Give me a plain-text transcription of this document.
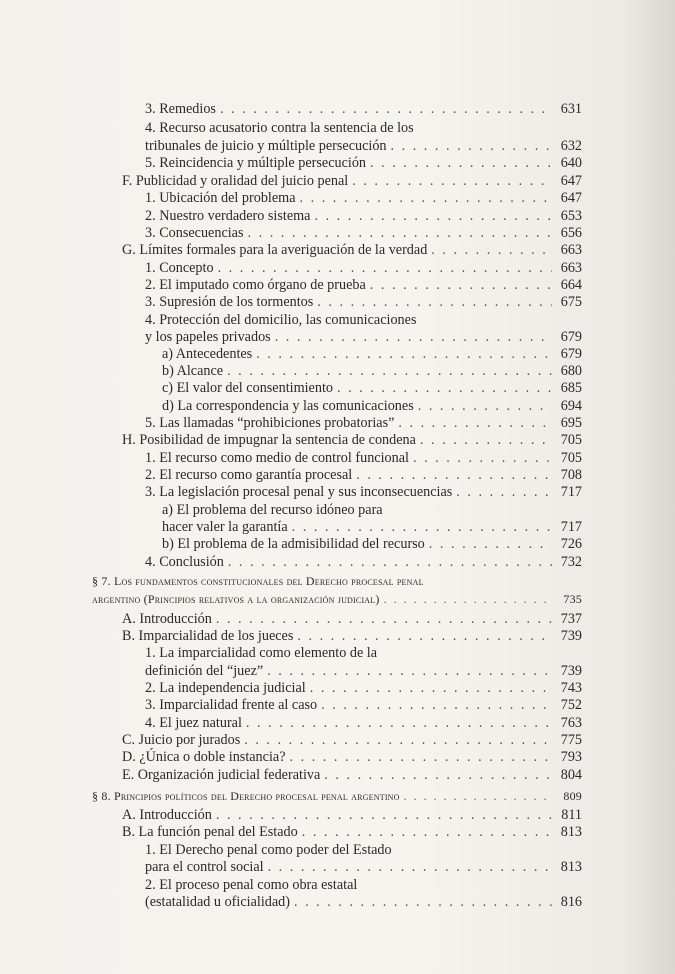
3. Remedios . . .	631
4. Recurso acusatorio contra la sentencia de los
tribunales de juicio y múltiple persecución . . .	632
5. Reincidencia y múltiple persecución . . .	640
F. Publicidad y oralidad del juicio penal . . .	647
1. Ubicación del problema . . .	647
2. Nuestro verdadero sistema . . .	653
3. Consecuencias . . .	656
G. Límites formales para la averiguación de la verdad . . .	663
1. Concepto . . .	663
2. El imputado como órgano de prueba . . .	664
3. Supresión de los tormentos . . .	675
4. Protección del domicilio, las comunicaciones
y los papeles privados . . .	679
a) Antecedentes . . .	679
b) Alcance . . .	680
c) El valor del consentimiento . . .	685
d) La correspondencia y las comunicaciones . . .	694
5. Las llamadas “prohibiciones probatorias” . . .	695
H. Posibilidad de impugnar la sentencia de condena . . .	705
1. El recurso como medio de control funcional . . .	705
2. El recurso como garantía procesal . . .	708
3. La legislación procesal penal y sus inconsecuencias . . .	717
a) El problema del recurso idóneo para
hacer valer la garantía . . .	717
b) El problema de la admisibilidad del recurso . . .	726
4. Conclusión . . .	732
§ 7. Los fundamentos constitucionales del Derecho procesal penal
argentino (Principios relativos a la organización judicial) . . .	735
A. Introducción . . .	737
B. Imparcialidad de los jueces . . .	739
1. La imparcialidad como elemento de la
definición del “juez” . . .	739
2. La independencia judicial . . .	743
3. Imparcialidad frente al caso . . .	752
4. El juez natural . . .	763
C. Juicio por jurados . . .	775
D. ¿Única o doble instancia? . . .	793
E. Organización judicial federativa . . .	804
§ 8. Principios políticos del Derecho procesal penal argentino . . .	809
A. Introducción . . .	811
B. La función penal del Estado . . .	813
1. El Derecho penal como poder del Estado
para el control social . . .	813
2. El proceso penal como obra estatal
(estatalidad u oficialidad) . . .	816
